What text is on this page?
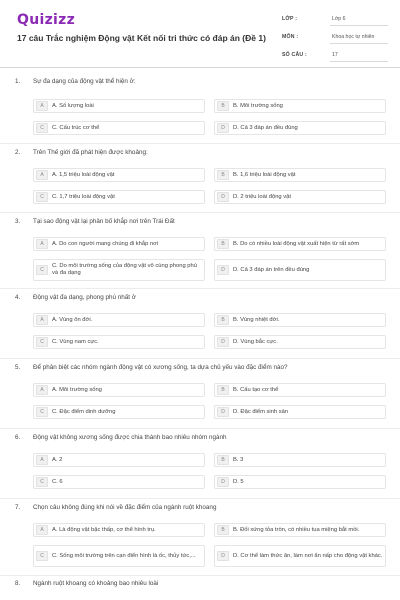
Quizizz
17 câu Trắc nghiệm Động vật Kết nối tri thức có đáp án (Đề 1)
LỚP :	Lớp 6
MÔN :	Khoa học tự nhiên
SỐ CÂU :	17
1. Sự đa dạng của động vật thể hiện ở:
A	A. Số lượng loài	B	B. Môi trường sống
C	C. Cấu trúc cơ thể	D	D. Cả 3 đáp án đều đúng
2. Trên Thế giới đã phát hiện được khoảng:
A	A. 1,5 triệu loài động vật	B	B. 1,6 triệu loài động vật
C	C. 1,7 triệu loài động vật	D	D. 2 triệu loài động vật
3. Tại sao động vật lại phân bố khắp nơi trên Trái Đất
A	A. Do con người mang chúng đi khắp nơi	B	B. Do có nhiều loài động vật xuất hiện từ rất sớm
C
C. Do môi trường sống của động vật vô cùng phong phú và đa dạng	D	D. Cả 3 đáp án trên đều đúng
4. Động vật đa dạng, phong phú nhất ở
A	A. Vùng ôn đới.	B	B. Vùng nhiệt đới.
C	C. Vùng nam cực.	D	D. Vùng bắc cực.
5. Để phân biệt các nhóm ngành động vật có xương sống, ta dựa chủ yếu vào đặc điểm nào?
A	A. Môi trường sống	B	B. Cấu tạo cơ thể
C	C. Đặc điểm dinh dưỡng	D	D. Đặc điểm sinh sản
6. Động vật không xương sống được chia thành bao nhiêu nhóm ngành
A	A. 2	B	B. 3
C	C. 6	D	D. 5
7. Chọn câu không đúng khi nói về đặc điểm của ngành ruột khoang
A	A. Là động vật bậc thấp, cơ thể hình trụ.	B	B. Đối xứng tỏa tròn, có nhiều tua miệng bắt mồi.
C	C. Sống môi trường trên cạn điển hình là ốc, thủy tức,...	D	D. Cơ thể làm thức ăn, làm nơi ẩn nấp cho động vật khác.
8. Ngành ruột khoang có khoảng bao nhiêu loài
